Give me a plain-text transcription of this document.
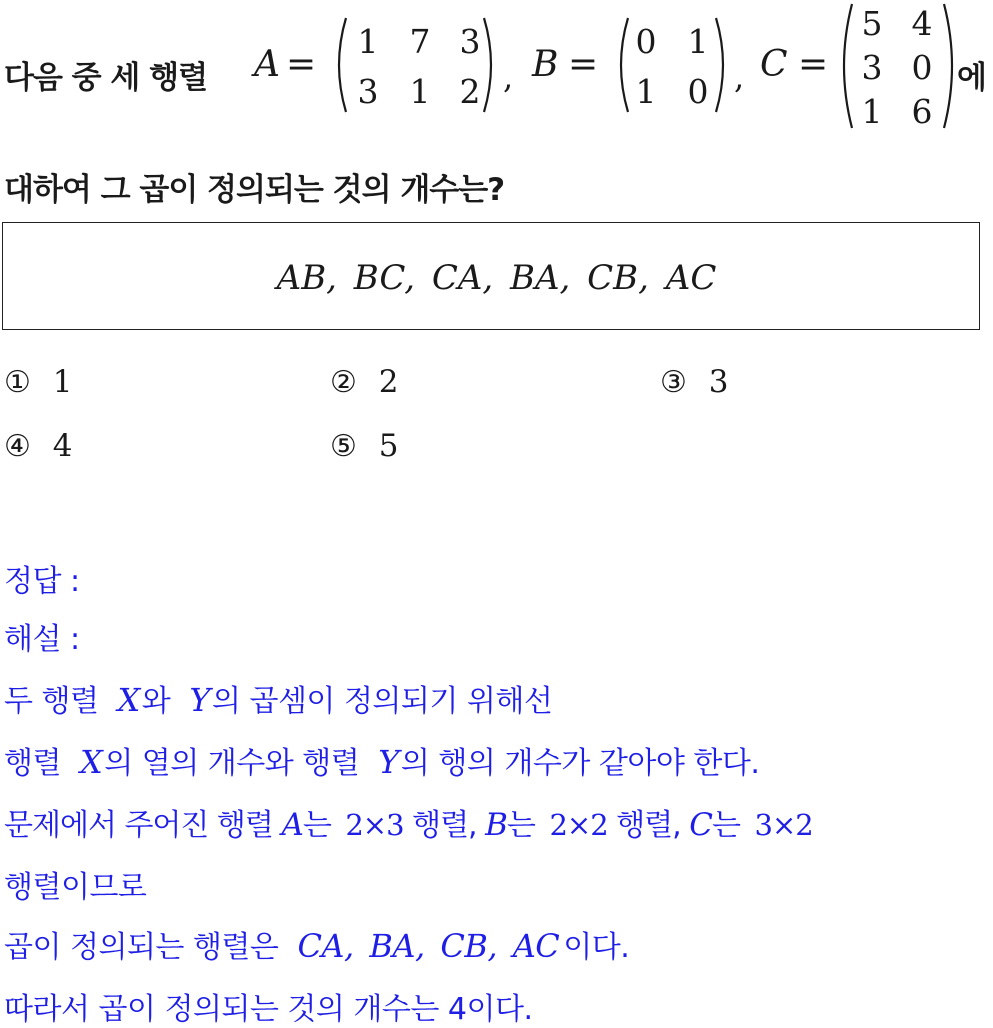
다음 중 세 행렬 A =
1 7 3
3 1 2 , B =
0 1
1 0 , C =
5 4
3 0
1 6
에
대하여 그 곱이 정의되는 것의 개수는?
AB, BC, CA, BA, CB, AC
① 1	② 2	③ 3
④ 4	⑤ 5
정답 :
해설 :
두 행렬 X와 Y의 곱셈이 정의되기 위해선
행렬 X의 열의 개수와 행렬 Y의 행의 개수가 같아야 한다.
문제에서 주어진 행렬 A는 2×3 행렬, B는 2×2 행렬, C는 3×2
행렬이므로
곱이 정의되는 행렬은 CA, BA, CB, AC 이다.
따라서 곱이 정의되는 것의 개수는 4이다.
